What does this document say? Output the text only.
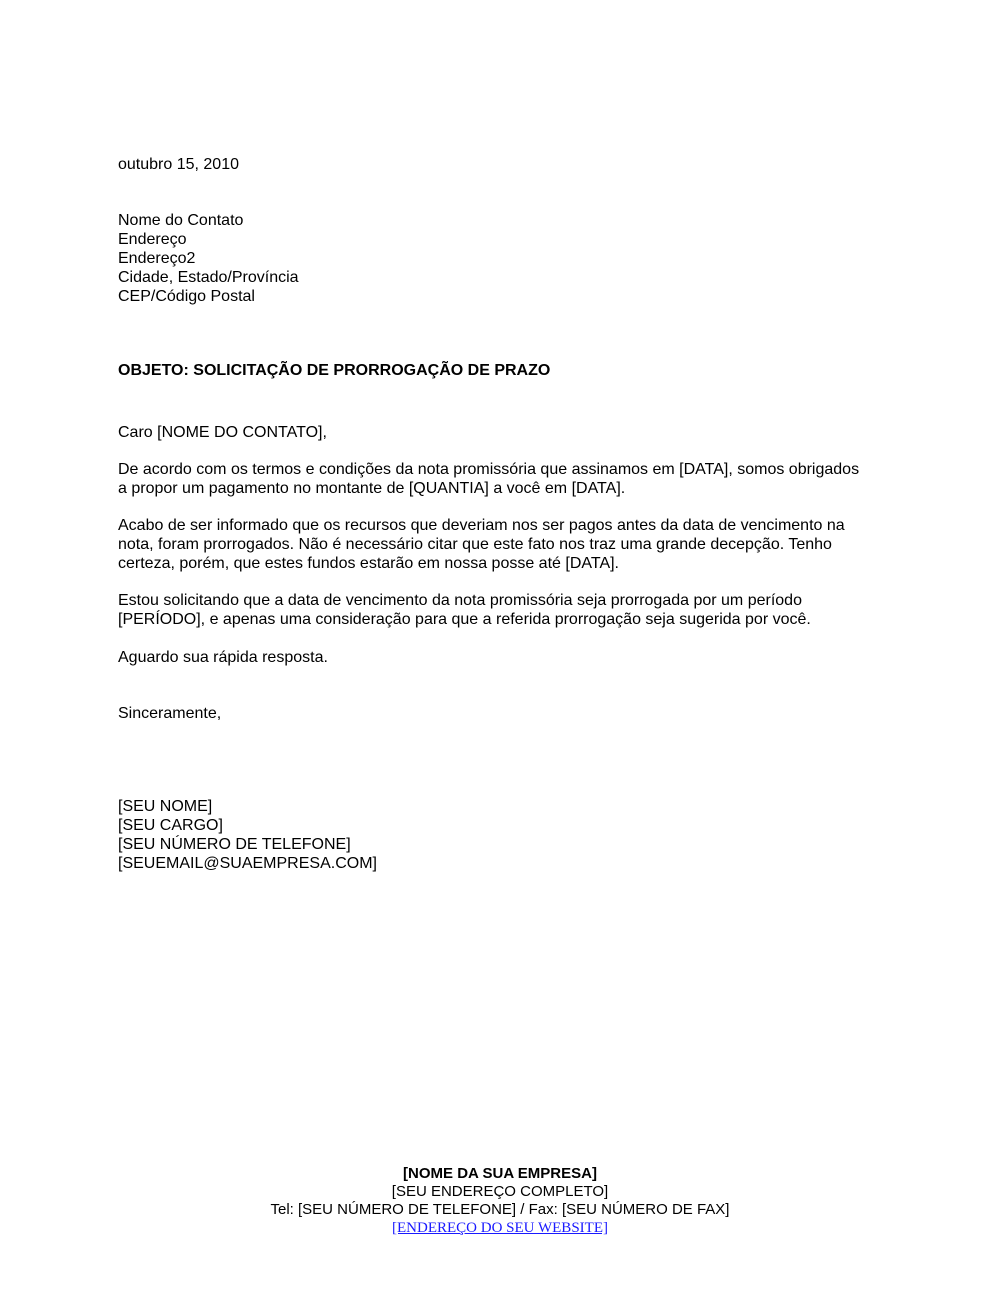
outubro 15, 2010
Nome do Contato
Endereço
Endereço2
Cidade, Estado/Província
CEP/Código Postal
OBJETO: SOLICITAÇÃO DE PRORROGAÇÃO DE PRAZO
Caro [NOME DO CONTATO],
De acordo com os termos e condições da nota promissória que assinamos em [DATA], somos obrigados
a propor um pagamento no montante de [QUANTIA] a você em [DATA].
Acabo de ser informado que os recursos que deveriam nos ser pagos antes da data de vencimento na
nota, foram prorrogados. Não é necessário citar que este fato nos traz uma grande decepção. Tenho
certeza, porém, que estes fundos estarão em nossa posse até [DATA].
Estou solicitando que a data de vencimento da nota promissória seja prorrogada por um período
[PERÍODO], e apenas uma consideração para que a referida prorrogação seja sugerida por você.
Aguardo sua rápida resposta.
Sinceramente,
[SEU NOME]
[SEU CARGO]
[SEU NÚMERO DE TELEFONE]
[SEUEMAIL@SUAEMPRESA.COM]
[NOME DA SUA EMPRESA]
[SEU ENDEREÇO COMPLETO]
Tel: [SEU NÚMERO DE TELEFONE] / Fax: [SEU NÚMERO DE FAX]
[ENDEREÇO DO SEU WEBSITE]
